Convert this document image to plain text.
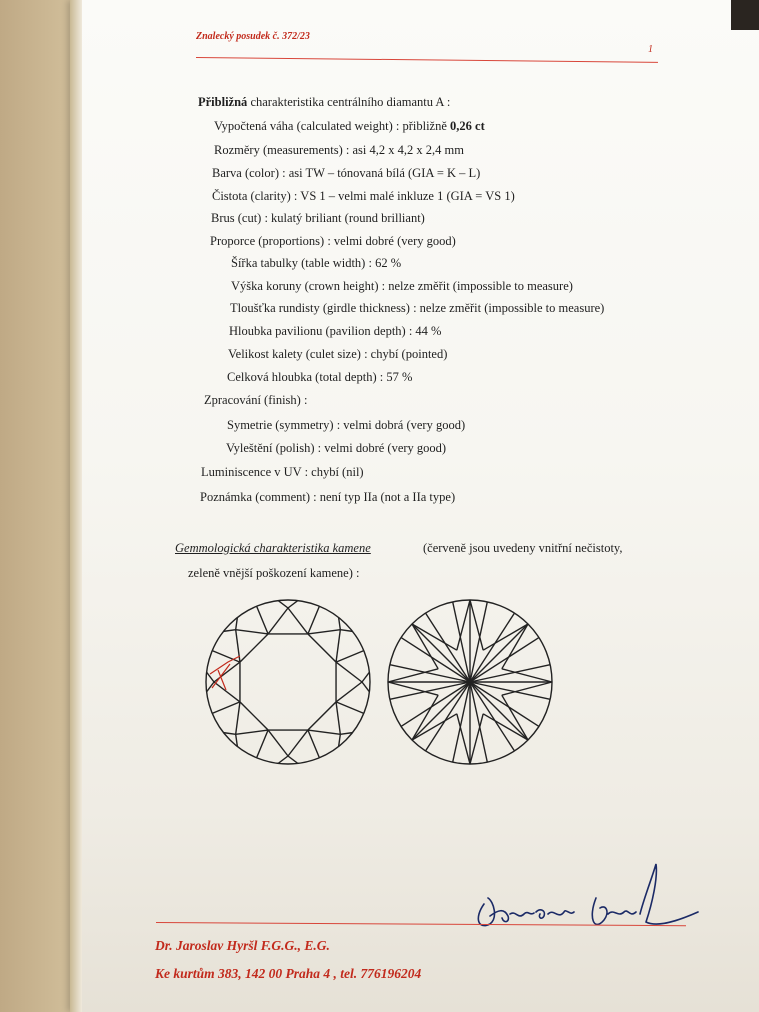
Znalecký posudek č. 372/23
1
Přibližná charakteristika centrálního diamantu A :
Vypočtená váha (calculated weight) : přibližně 0,26 ct
Rozměry (measurements) : asi 4,2 x 4,2 x 2,4 mm
Barva (color) : asi TW – tónovaná bílá (GIA = K – L)
Čistota (clarity) : VS 1 – velmi malé inkluze 1 (GIA = VS 1)
Brus (cut) : kulatý briliant (round brilliant)
Proporce (proportions) : velmi dobré (very good)
Šířka tabulky (table width) : 62 %
Výška koruny (crown height) : nelze změřit (impossible to measure)
Tloušťka rundisty (girdle thickness) : nelze změřit (impossible to measure)
Hloubka pavilionu (pavilion depth) : 44 %
Velikost kalety (culet size) : chybí (pointed)
Celková hloubka (total depth) : 57 %
Zpracování (finish) :
Symetrie (symmetry) : velmi dobrá (very good)
Vyleštění (polish) : velmi dobré (very good)
Luminiscence v UV : chybí (nil)
Poznámka (comment) : není typ IIa (not a IIa type)
Gemmologická charakteristika kamene	(červeně jsou uvedeny vnitřní nečistoty,
zeleně vnější poškození kamene) :
Dr. Jaroslav Hyršl F.G.G., E.G.
Ke kurtům 383, 142 00 Praha 4 , tel. 776196204
